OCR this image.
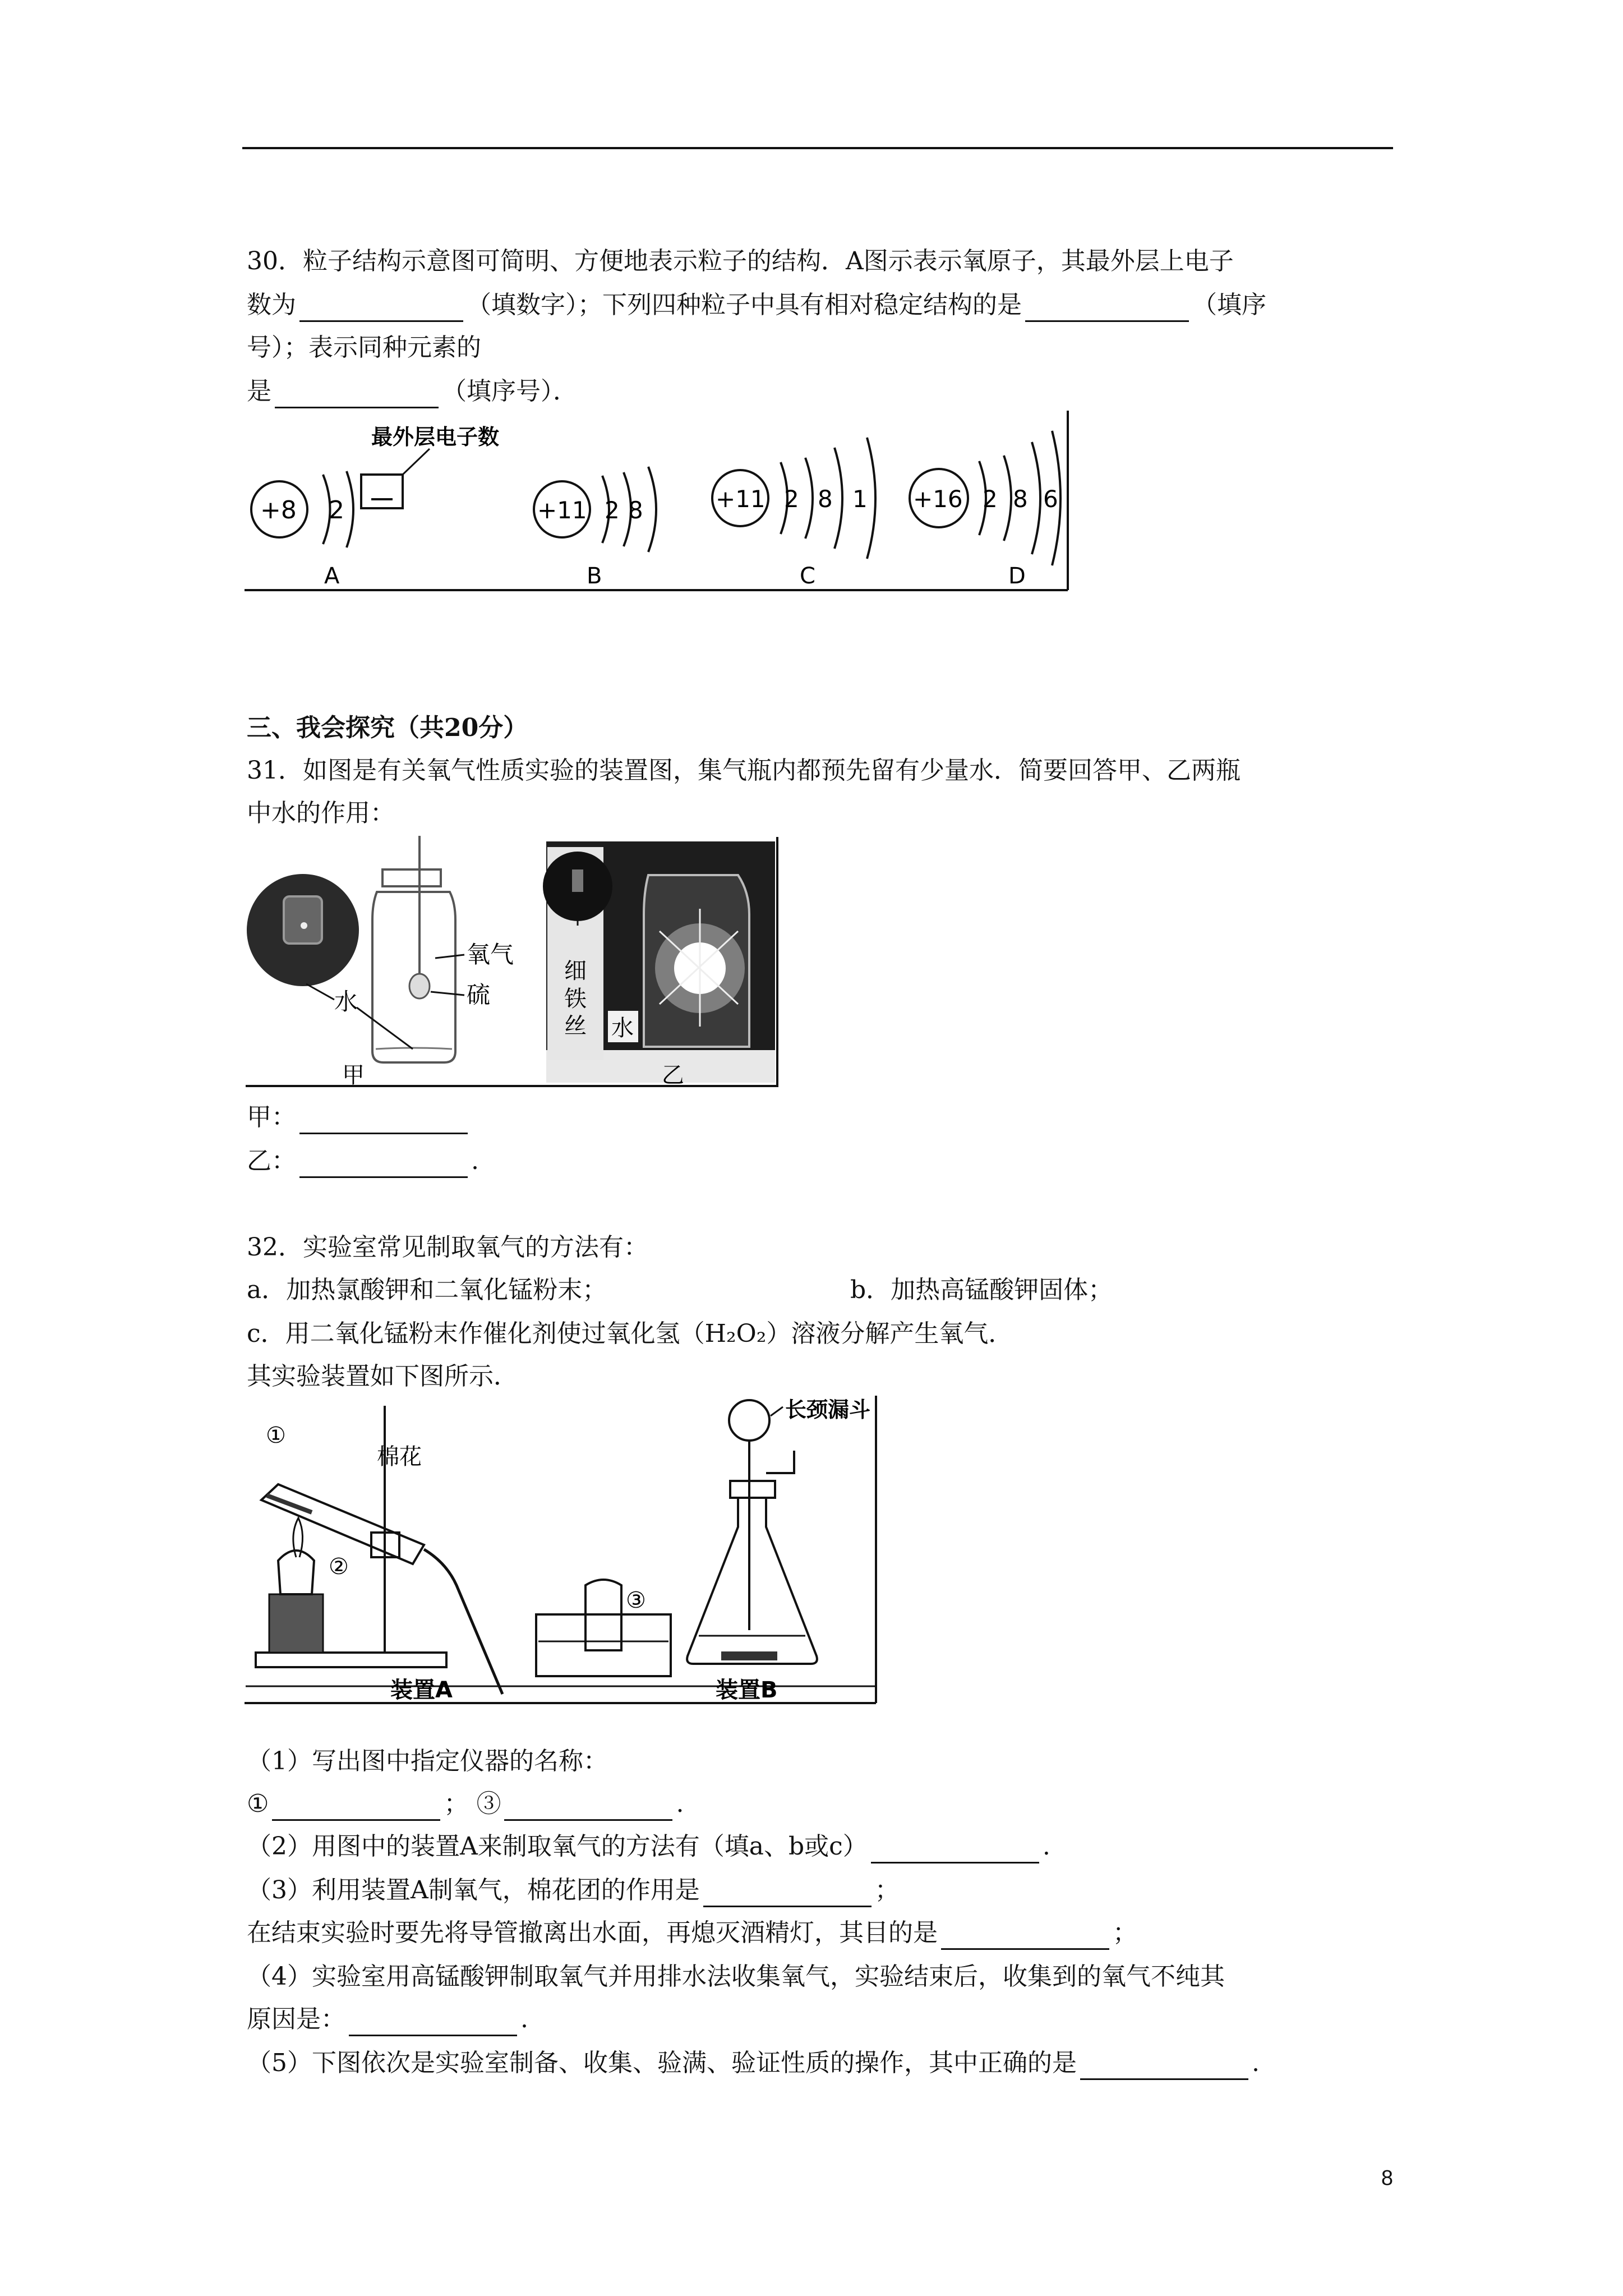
30．粒子结构示意图可简明、方便地表示粒子的结构．A图示表示氧原子，其最外层上电子
数为	（填数字）；下列四种粒子中具有相对稳定结构的是	（填序
号）；表示同种元素的
是	（填序号）．
最外层电子数
+8 2
A
+11 2 8
B
+11 2 8 1
C
+16 2 8 6
D
三、我会探究（共20分）
31．如图是有关氧气性质实验的装置图，集气瓶内都预先留有少量水．简要回答甲、乙两瓶
中水的作用：
氧气
硫
水
甲
细
铁
丝 水
乙
甲：
乙：	.
32．实验室常见制取氧气的方法有：
a．加热氯酸钾和二氧化锰粉末；	b．加热高锰酸钾固体；
c．用二氧化锰粉末作催化剂使过氧化氢（H₂O₂）溶液分解产生氧气．
其实验装置如下图所示．
①
②
③
棉花
装置A
长颈漏斗
装置B
（1）写出图中指定仪器的名称：
①	； ③	.
（2）用图中的装置A来制取氧气的方法有（填a、b或c）	.
（3）利用装置A制氧气，棉花团的作用是	；
在结束实验时要先将导管撤离出水面，再熄灭酒精灯，其目的是	；
（4）实验室用高锰酸钾制取氧气并用排水法收集氧气，实验结束后，收集到的氧气不纯其
原因是：	.
（5）下图依次是实验室制备、收集、验满、验证性质的操作，其中正确的是	.
8
